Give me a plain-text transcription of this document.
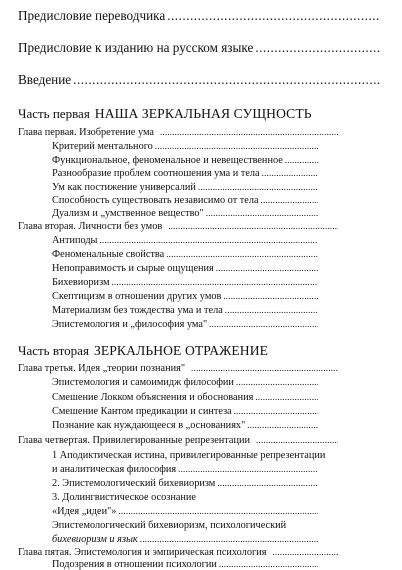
Предисловие переводчика
.....
Предисловие к изданию на русском языке
.....
Введение
.....
Часть первая НАША ЗЕРКАЛЬНАЯ СУЩНОСТЬ
Глава первая. Изобретение ума
.....
Критерий ментального
.....
Функциональное, феноменальное и невещественное
.....
Разнообразие проблем соотношения ума и тела
.....
Ум как постижение универсалий
.....
Способность существовать независимо от тела
.....
Дуализм и „умственное вещество"
.....
Глава вторая. Личности без умов
.....
Антиподы
.....
Феноменальные свойства
.....
Непоправимость и сырые ощущения
.....
Бихевиоризм
.....
Скептицизм в отношении других умов
.....
Материализм без тождества ума и тела
.....
Эпистемология и „философия ума"
.....
Часть вторая ЗЕРКАЛЬНОЕ ОТРАЖЕНИЕ
Глава третья. Идея „теории познания"
.....
Эпистемология и самоимидж философии
.....
Смешение Локком объяснения и обоснования
.....
Смешение Кантом предикации и синтеза
.....
Познание как нуждающееся в „основаниях"
.....
Глава четвертая. Привилегированные репрезентации
.....
1 Аподиктическая истина, привилегированные репрезентации
и аналитическая философия
.....
2. Эпистемологический бихевиоризм
.....
3. Долингвистическое осознание
«Идея „идеи"»
.....
Эпистемологический бихевиоризм, психологический
бихевиоризм и язык
.....
Глава пятая. Эпистемология и эмпирическая психология
.....
Подозрения в отношении психологии
.....
